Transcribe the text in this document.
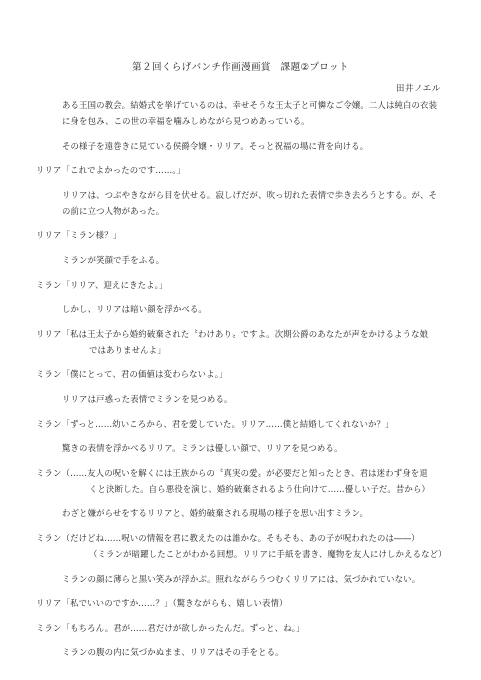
第２回くらげバンチ作画漫画賞　課題②プロット
田井ノエル

ある王国の教会。結婚式を挙げているのは、幸せそうな王太子と可憐なご令嬢。二人は純白の衣装
に身を包み、この世の幸福を噛みしめながら見つめあっている。

その様子を遠巻きに見ている侯爵令嬢・リリア。そっと祝福の場に背を向ける。

リリア「これでよかったのです……。」

リリアは、つぶやきながら目を伏せる。寂しげだが、吹っ切れた表情で歩き去ろうとする。が、そ
の前に立つ人物があった。

リリア「ミラン様？」

ミランが笑顔で手をふる。

ミラン「リリア、迎えにきたよ。」

しかし、リリアは暗い顔を浮かべる。

リリア「私は王太子から婚約破棄された〝わけあり〟ですよ。次期公爵のあなたが声をかけるような娘
ではありませんよ」

ミラン「僕にとって、君の価値は変わらないよ。」

リリアは戸惑った表情でミランを見つめる。

ミラン「ずっと……幼いころから、君を愛していた。リリア……僕と結婚してくれないか？」

驚きの表情を浮かべるリリア。ミランは優しい顔で、リリアを見つめる。

ミラン（……友人の呪いを解くには王族からの〝真実の愛〟が必要だと知ったとき、君は迷わず身を退
くと決断した。自ら悪役を演じ、婚約破棄されるよう仕向けて……優しい子だ。昔から）

わざと嫌がらせをするリリアと、婚約破棄される現場の様子を思い出すミラン。

ミラン（だけどね……呪いの情報を君に教えたのは誰かな。そもそも、あの子が呪われたのは――）
（ミランが暗躍したことがわかる回想。リリアに手紙を書き、魔物を友人にけしかえるなど）

ミランの顔に薄らと黒い笑みが浮かぶ。照れながらうつむくリリアには、気づかれていない。

リリア「私でいいのですか……？」（驚きながらも、嬉しい表情）

ミラン「もちろん。君が……君だけが欲しかったんだ。ずっと、ね。」

ミランの腹の内に気づかぬまま、リリアはその手をとる。
